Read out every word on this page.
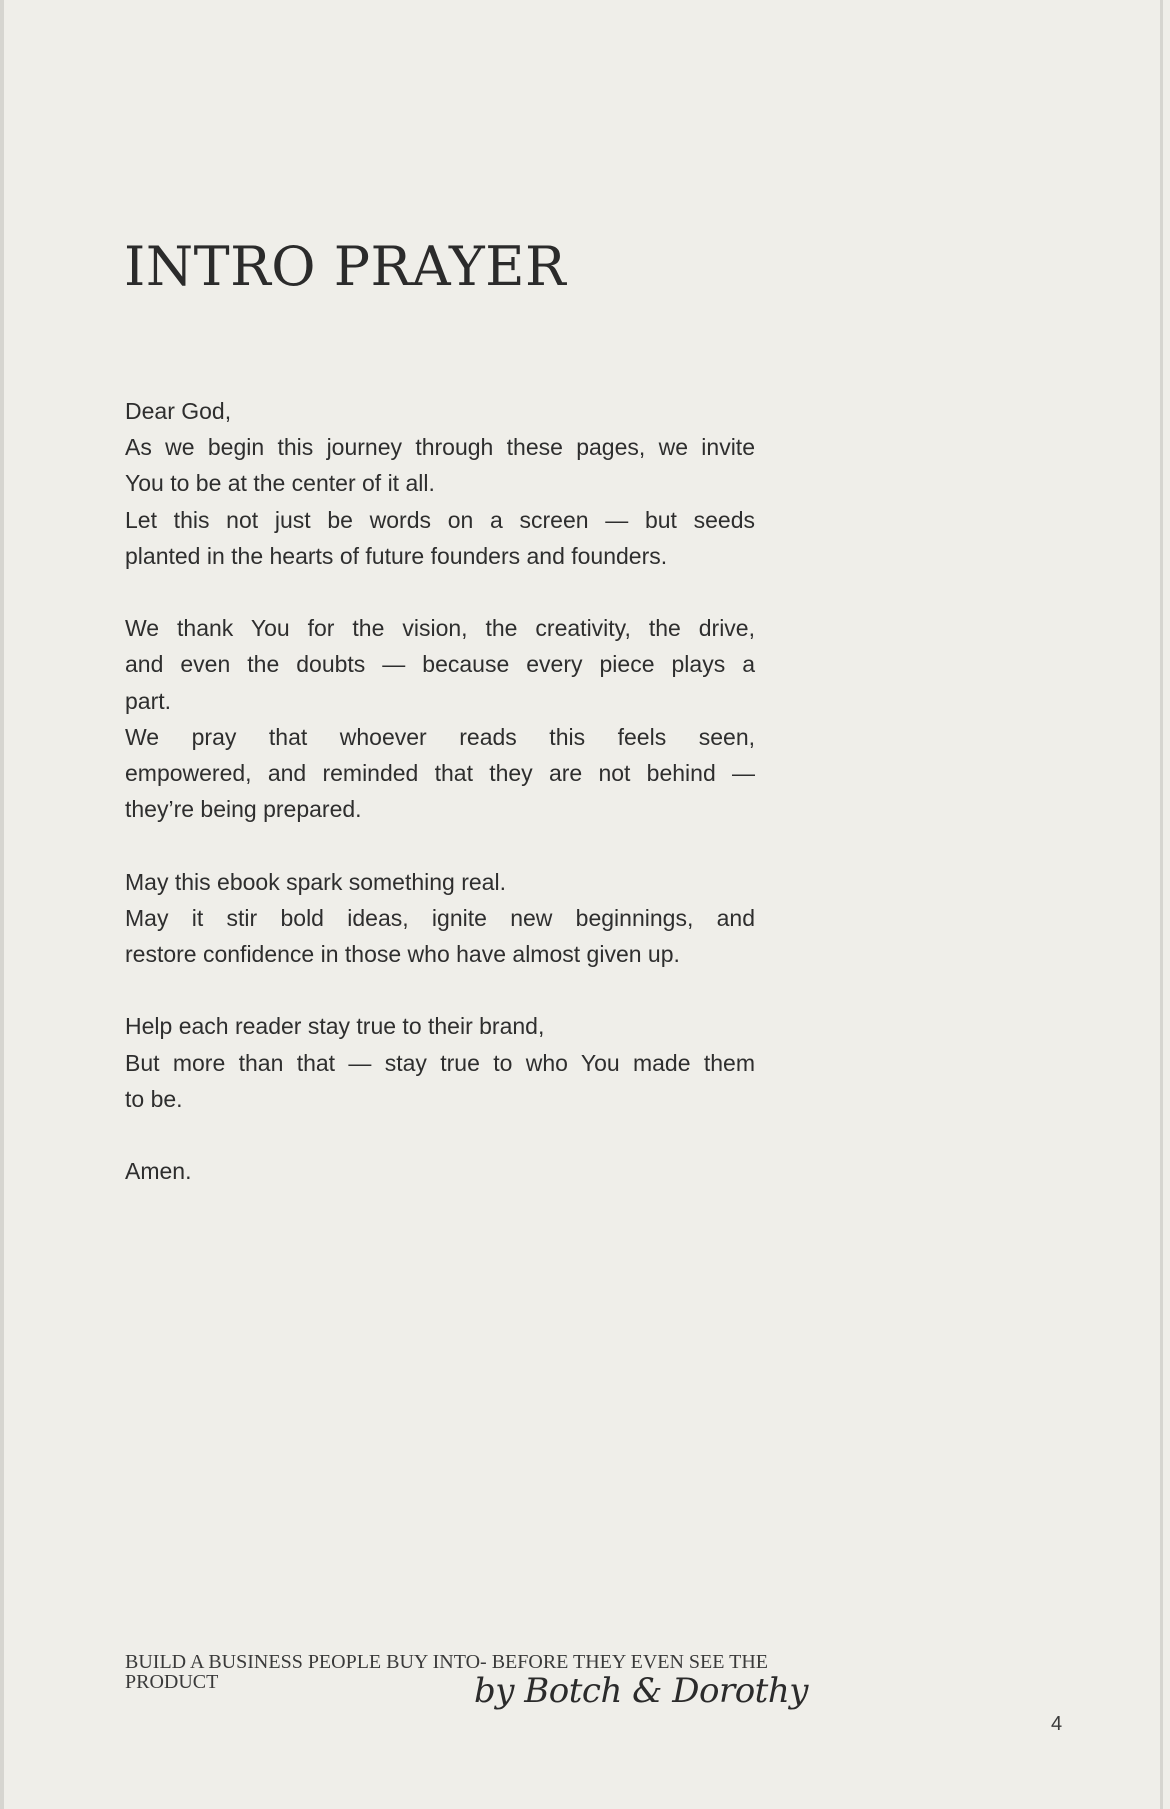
INTRO PRAYER
Dear God,
As we begin this journey through these pages, we invite
You to be at the center of it all.
Let this not just be words on a screen — but seeds
planted in the hearts of future founders and founders.
We thank You for the vision, the creativity, the drive,
and even the doubts — because every piece plays a
part.
We pray that whoever reads this feels seen,
empowered, and reminded that they are not behind —
they’re being prepared.
May this ebook spark something real.
May it stir bold ideas, ignite new beginnings, and
restore confidence in those who have almost given up.
Help each reader stay true to their brand,
But more than that — stay true to who You made them
to be.
Amen.
BUILD A BUSINESS PEOPLE BUY INTO- BEFORE THEY EVEN SEE THE PRODUCT	by Botch & Dorothy
4
